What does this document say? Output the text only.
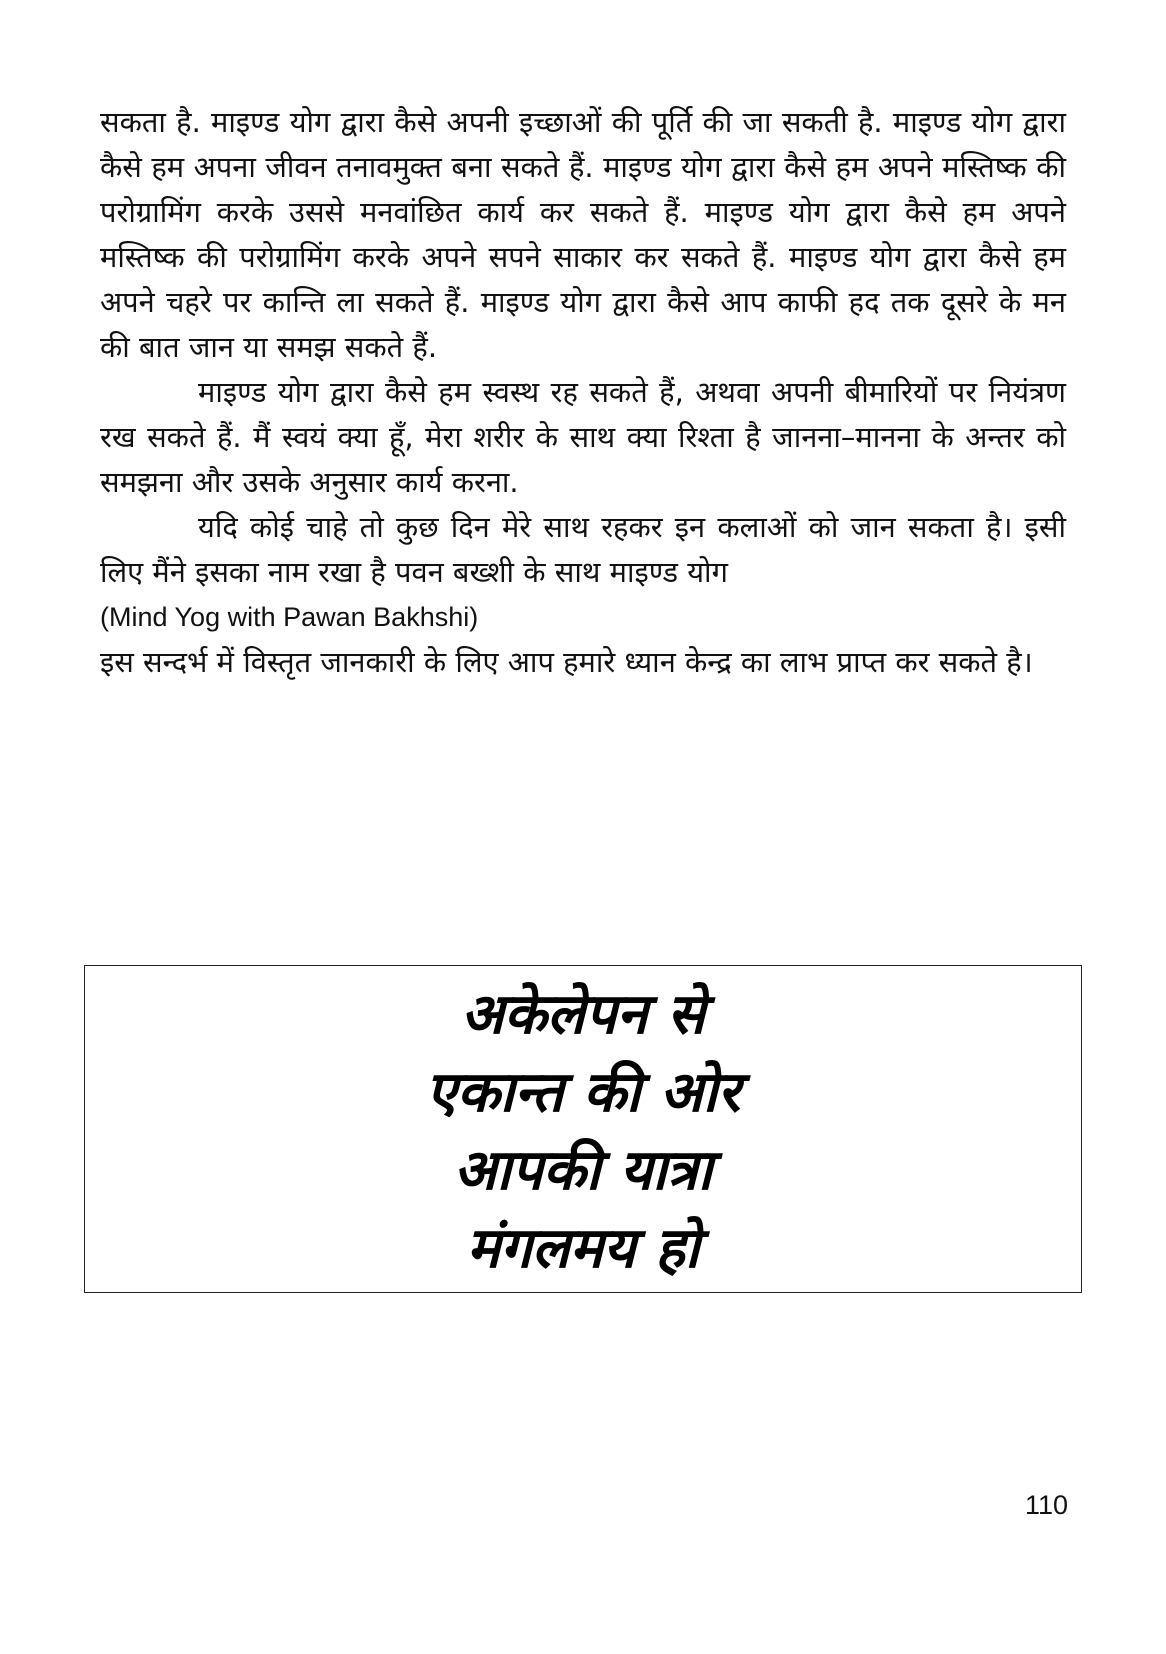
सकता है. माइण्ड योग द्वारा कैसे अपनी इच्छाओं की पूर्ति की जा सकती है. माइण्ड योग द्वारा कैसे हम अपना जीवन तनावमुक्त बना सकते हैं. माइण्ड योग द्वारा कैसे हम अपने मस्तिष्क की परोग्रामिंग करके उससे मनवांछित कार्य कर सकते हैं. माइण्ड योग द्वारा कैसे हम अपने मस्तिष्क की परोग्रामिंग करके अपने सपने साकार कर सकते हैं. माइण्ड योग द्वारा कैसे हम अपने चहरे पर कान्ति ला सकते हैं. माइण्ड योग द्वारा कैसे आप काफी हद तक दूसरे के मन की बात जान या समझ सकते हैं.

माइण्ड योग द्वारा कैसे हम स्वस्थ रह सकते हैं, अथवा अपनी बीमारियों पर नियंत्रण रख सकते हैं. मैं स्वयं क्या हूँ, मेरा शरीर के साथ क्या रिश्ता है जानना–मानना के अन्तर को समझना और उसके अनुसार कार्य करना.

यदि कोई चाहे तो कुछ दिन मेरे साथ रहकर इन कलाओं को जान सकता है। इसी लिए मैंने इसका नाम रखा है पवन बख्शी के साथ माइण्ड योग

(Mind Yog with Pawan Bakhshi)

इस सन्दर्भ में विस्तृत जानकारी के लिए आप हमारे ध्यान केन्द्र का लाभ प्राप्त कर सकते है।

अकेलेपन से
एकान्त की ओर
आपकी यात्रा
मंगलमय हो
110
